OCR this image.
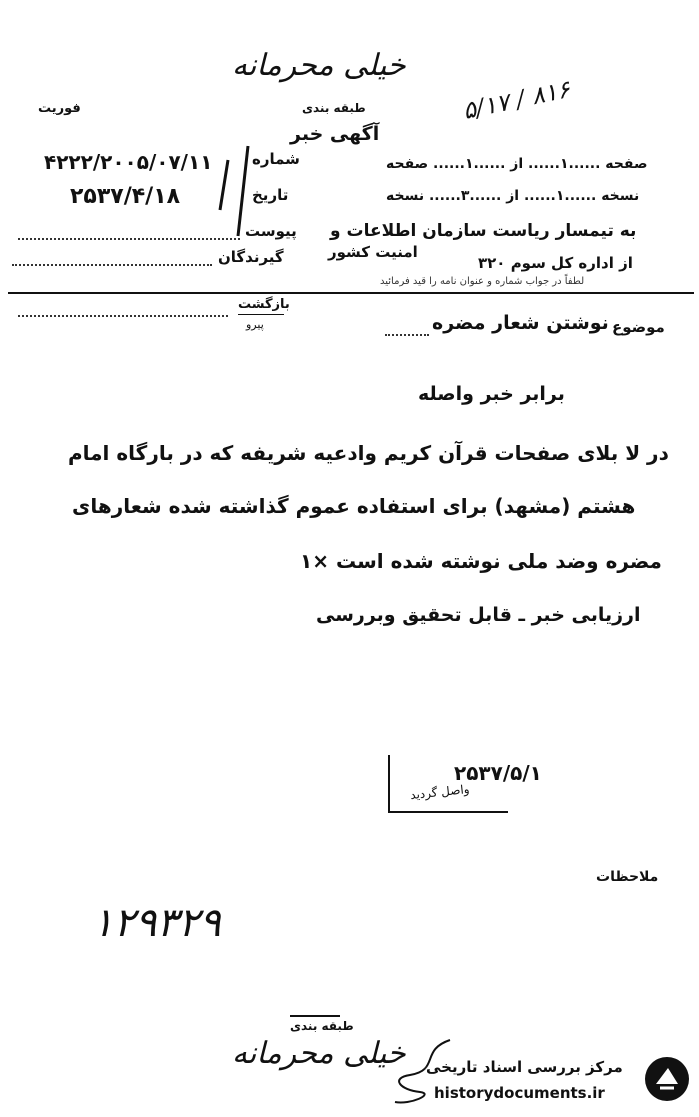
خیلی محرمانه
فوریت	طبقه بندی	۸۱۶ / ۵/۱۷
آگهی خبر
شماره
۴۲۲۲/۲۰۰۵/۰۷/۱۱
تاریخ
۲۵۳۷/۴/۱۸
پیوست
گیرندگان
صفحه ......۱...... از ......۱...... صفحه
نسخه ......۱...... از ......۳...... نسخه
به تیمسار ریاست سازمان اطلاعات و
امنیت کشور
از اداره کل سوم ۳۲۰
لطفاً در جواب شماره و عنوان نامه را قید فرمائید
بازگشت
پیرو	موضوع
نوشتن شعار مضره
برابر خبر واصله
در لا بلای صفحات قرآن کریم وادعیه شریفه که در بارگاه امام
هشتم (مشهد) برای استفاده عموم گذاشته شده شعارهای
مضره وضد ملی نوشته شده است ×۱
ارزیابی خبر ـ قابل تحقیق وبررسی
۲۵۳۷/۵/۱
واصل گردید
ملاحظات
۱۲۹۳۲۹
طبقه بندی
خیلی محرمانه مرکز بررسی اسناد تاریخی
historydocuments.ir
